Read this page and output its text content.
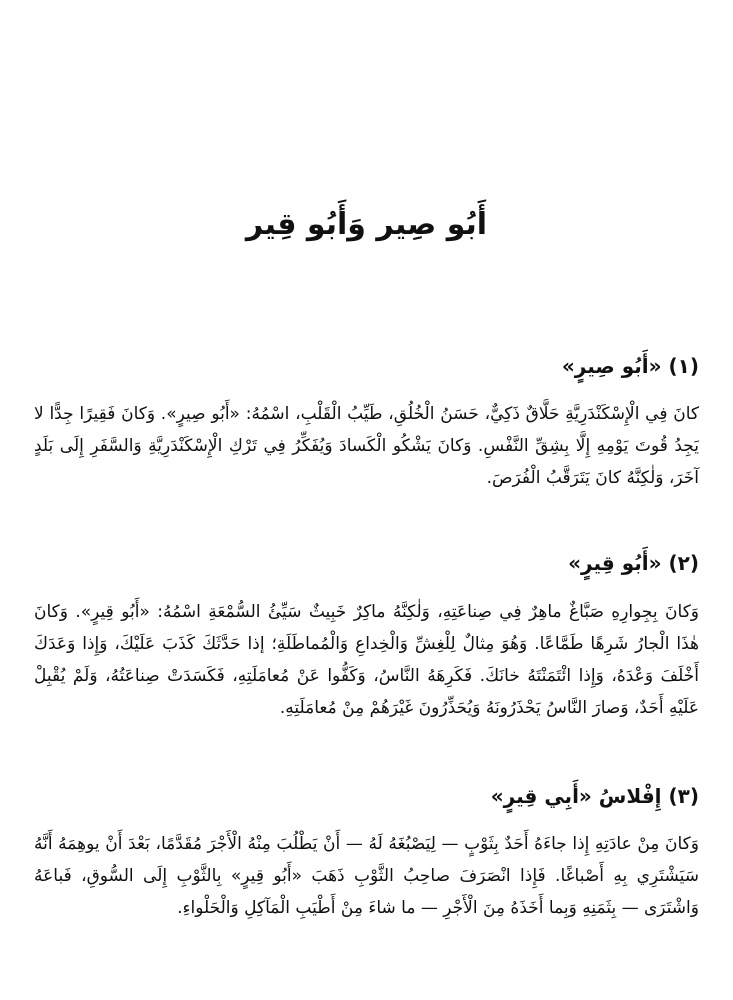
أَبُو صِير وَأَبُو قِير
(١) «أَبُو صِيرٍ»

كانَ فِي الْإِسْكَنْدَرِيَّةِ حَلَّاقٌ ذَكِيٌّ، حَسَنُ الْخُلُقِ، طَيِّبُ الْقَلْبِ، اسْمُهُ: «أَبُو صِيرٍ». وَكانَ فَقِيرًا جِدًّا لا يَجِدُ قُوتَ يَوْمِهِ إِلَّا بِشِقِّ النَّفْسِ. وَكانَ يَشْكُو الْكَسادَ وَيُفَكِّرُ فِي تَرْكِ الْإِسْكَنْدَرِيَّةِ وَالسَّفَرِ إِلَى بَلَدٍ آخَرَ، وَلٰكِنَّهُ كانَ يَتَرَقَّبُ الْفُرَصَ.

(٢) «أَبُو قِيرٍ»

وَكانَ بِجِوارِهِ صَبَّاغٌ ماهِرٌ فِي صِناعَتِهِ، وَلٰكِنَّهُ ماكِرٌ خَبِيثٌ سَيِّئُ السُّمْعَةِ اسْمُهُ: «أَبُو قِيرٍ». وَكانَ هٰذَا الْجارُ شَرِهًا طَمَّاعًا. وَهُوَ مِثالٌ لِلْغِشِّ وَالْخِداعِ وَالْمُماطَلَةِ؛ إذا حَدَّثَكَ كَذَبَ عَلَيْكَ، وَإِذا وَعَدَكَ أَخْلَفَ وَعْدَهُ، وَإِذا ائْتَمَنْتَهُ خانَكَ. فَكَرِهَهُ النَّاسُ، وَكَفُّوا عَنْ مُعامَلَتِهِ، فَكَسَدَتْ صِناعَتُهُ، وَلَمْ يُقْبِلْ عَلَيْهِ أَحَدٌ، وَصارَ النَّاسُ يَحْذَرُونَهُ وَيُحَذِّرُونَ غَيْرَهُمْ مِنْ مُعامَلَتِهِ.

(٣) إِفْلاسُ «أَبِي قِيرٍ»

وَكانَ مِنْ عادَتِهِ إِذا جاءَهُ أَحَدٌ بِثَوْبٍ — لِيَصْبُغَهُ لَهُ — أَنْ يَطْلُبَ مِنْهُ الْأَجْرَ مُقَدَّمًا، بَعْدَ أَنْ يوهِمَهُ أَنَّهُ سَيَشْتَرِي بِهِ أَصْباغًا. فَإِذا انْصَرَفَ صاحِبُ الثَّوْبِ ذَهَبَ «أَبُو قِيرٍ» بِالثَّوْبِ إِلَى السُّوقِ، فَباعَهُ وَاشْتَرَى — بِثَمَنِهِ وَبِما أَخَذَهُ مِنَ الْأَجْرِ — ما شاءَ مِنْ أَطْيَبِ الْمَآكِلِ وَالْحَلْواءِ.
